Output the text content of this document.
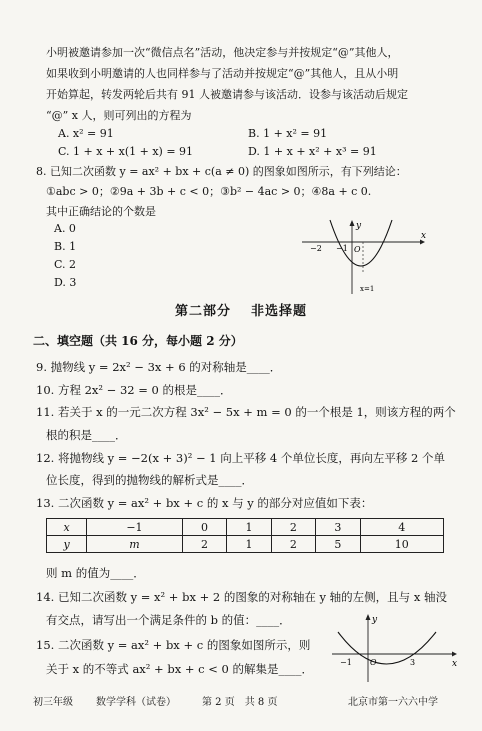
小明被邀请参加一次“微信点名”活动，他决定参与并按规定“@”其他人，
如果收到小明邀请的人也同样参与了活动并按规定“@”其他人，且从小明
开始算起，转发两轮后共有 91 人被邀请参与该活动．设参与该活动后规定
“@” x 人，则可列出的方程为
A. x² = 91	B. 1 + x² = 91
C. 1 + x + x(1 + x) = 91	D. 1 + x + x² + x³ = 91
8. 已知二次函数 y = ax² + bx + c(a ≠ 0) 的图象如图所示，有下列结论：
①abc > 0；②9a + 3b + c < 0；③b² − 4ac > 0；④8a + c 0.
其中正确结论的个数是
A. 0
B. 1
C. 2
D. 3
y
x
O
−2 −1
x=1
第二部分 非选择题
二、填空题（共 16 分，每小题 2 分）
9. 抛物线 y = 2x² − 3x + 6 的对称轴是____．
10. 方程 2x² − 32 = 0 的根是____．
11. 若关于 x 的一元二次方程 3x² − 5x + m = 0 的一个根是 1，则该方程的两个
根的积是____．
12. 将抛物线 y = −2(x + 3)² − 1 向上平移 4 个单位长度，再向左平移 2 个单
位长度，得到的抛物线的解析式是____．
13. 二次函数 y = ax² + bx + c 的 x 与 y 的部分对应值如下表：
x	−1	0	1	2	3	4
y	m	2	1	2	5	10
则 m 的值为____．
14. 已知二次函数 y = x² + bx + 2 的图象的对称轴在 y 轴的左侧，且与 x 轴没
有交点，请写出一个满足条件的 b 的值：____．
15. 二次函数 y = ax² + bx + c 的图象如图所示，则
关于 x 的不等式 ax² + bx + c < 0 的解集是____．
y
x
O
−1	3
初三年级 数学学科（试卷）	第 2 页　共 8 页	北京市第一六六中学
